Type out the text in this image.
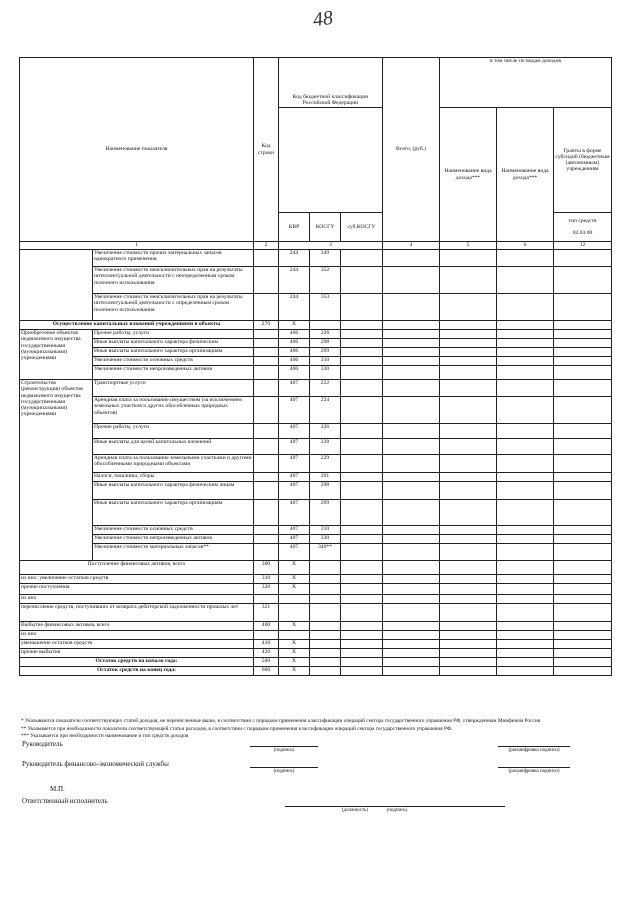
48
Наименование показателя		Код строки	Код бюджетной классификации Российской Федерации			Всего, (руб.)	в том числе по видам доходов		
							Наименование вида дохода***	Наименование вида дохода***	Гранты в форме субсидий (бюджетным (автономным) учреждениям
			КВР	КОСГУ	суб.КОСГУ				тип средств

02.03.00
1		2	3			4	5	6	12
	Увеличение стоимости прочих материальных запасов однократного применения		244	349					
	Увеличение стоимости неисключительных прав на результаты интеллектуальной деятельности с неопределенным сроком полезного использования		244	352					
	Увеличение стоимости неисключительных прав на результаты интеллектуальной деятельности с определенным сроком полезного использования		244	353					
Осуществление капитальных вложений учреждениями в объекты		270	X						
Приобретение объектов недвижимого имущества государственными (муниципальными) учреждениями	Прочие работы, услуги		406	226					
	Иные выплаты капитального характера физическим		406	298					
	Иные выплаты капитального характера организациям		406	299					
	Увеличение стоимости основных средств		406	310					
	Увеличение стоимости непроизведенных активов		406	330					
Строительство (реконструкция) объектов недвижимого имущества государственными (муниципальными) учреждениями	Транспортные услуги		407	222					
	Арендная плата за пользование имуществом (за исключением земельных участков и других обособленных природных объектов)		407	224					
	Прочие работы, услуги		407	226					
	Иные выплаты для целей капитальных вложений		407	228					
	Арендная плата за пользование земельными участками и другими обособленными природными объектами		407	229					
	Налоги, пошлины, сборы		407	291					
	Иные выплаты капитального характера физическим лицам		407	298					
	Иные выплаты капитального характера организациям		407	299					
	Увеличение стоимости основных средств		407	310					
	Увеличение стоимости непроизведенных активов		407	330					
	Увеличение стоимости материальных запасов**		407	340**					
Поступление финансовых активов, всего		300	X						
из них: увеличение остатков средств		310	X						
прочие поступления		320	X						
из них									
перечисление средств, поступивших от возврата дебиторской задолженности прошлых лет		321							
Выбытие финансовых активов, всего		400	X						
из них									
уменьшение остатков средств		410	X						
прочие выбытия		420	X						
Остаток средств на начало года:		500	X						
Остаток средств на конец года:		600	X						
* Указываются показатели соответствующих статей доходов, не перечисленные выше, в соответствии с порядком применения классификации операций сектора государственного управления РФ, утвержденным Минфином России
** Указывается при необходимости показатели соответствующей статьи расходов, в соответствии с порядком применения классификации операций сектора государственного управления РФ.
*** Указывается при необходимости наименование и тип средств доходов
Руководитель
(подпись)	(расшифровка подписи)
Руководитель финансово-экономической службы
(подпись)	(расшифровка подписи)
М.П.
Ответственный исполнитель
(должность)	(подпись)
